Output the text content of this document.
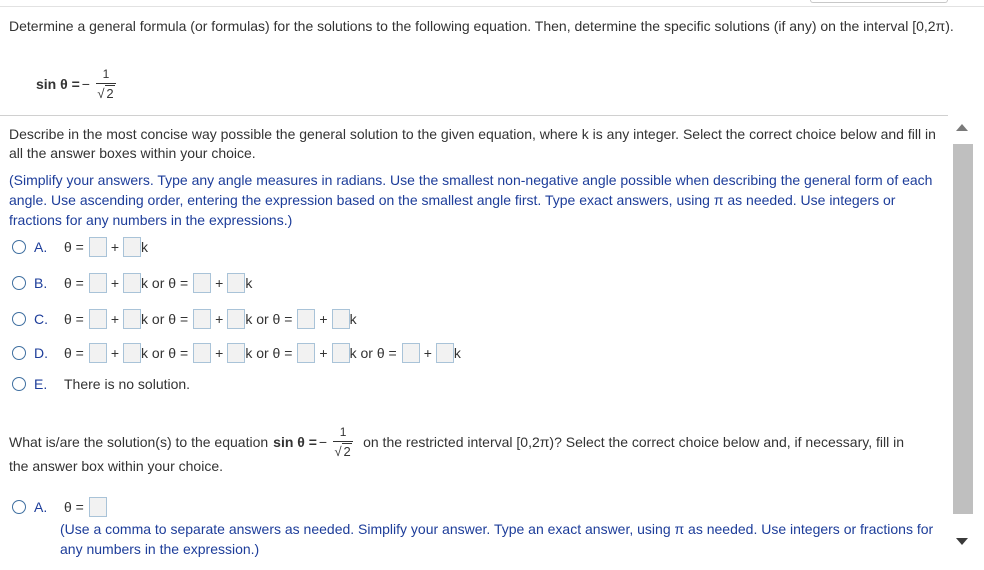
Determine a general formula (or formulas) for the solutions to the following equation. Then, determine the specific solutions (if any) on the interval [0,2π).
sin θ = − $\frac{1}{√ 2}$
Describe in the most concise way possible the general solution to the given equation, where k is any integer. Select the correct choice below and fill in all the answer boxes within your choice.
(Simplify your answers. Type any angle measures in radians. Use the smallest non-negative angle possible when describing the general form of each angle. Use ascending order, entering the expression based on the smallest angle first. Type exact answers, using π as needed. Use integers or fractions for any numbers in the expressions.)
A.	θ = + k
B.	θ = + k or θ = + k
C.	θ = + k or θ = + k or θ = + k
D.	θ = + k or θ = + k or θ = + k or θ = + k
E.	There is no solution.
What is/are the solution(s) to the equation sin θ = − $\frac{1}{√ 2}$ on the restricted interval [0,2π)? Select the correct choice below and, if necessary, fill in
the answer box within your choice.
A.	θ =
(Use a comma to separate answers as needed. Simplify your answer. Type an exact answer, using π as needed. Use integers or fractions for any numbers in the expression.)
